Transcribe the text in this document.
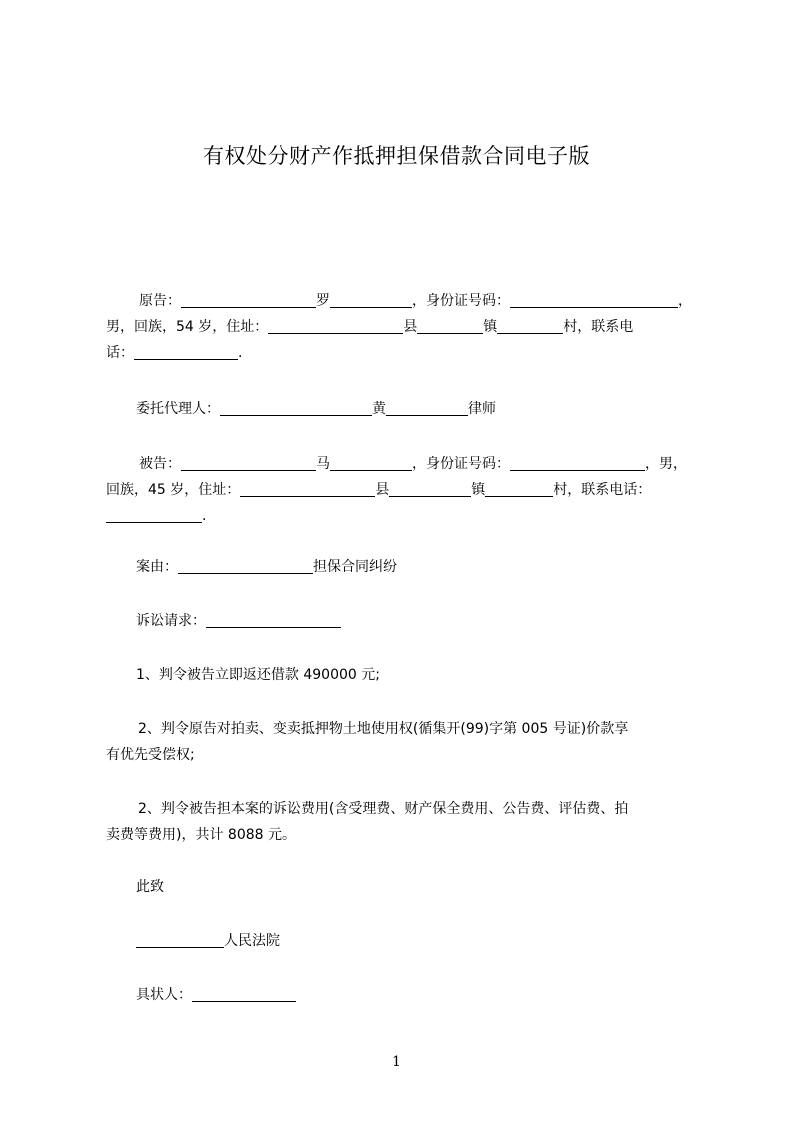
有权处分财产作抵押担保借款合同电子版
原告：	罗	，身份证号码：	，
男，回族，54 岁，住址：	县	镇	村，联系电
话：	.
委托代理人：	黄	律师
被告：	马	，身份证号码：	，男，
回族，45 岁，住址：	县	镇	村，联系电话：
.
案由：	担保合同纠纷
诉讼请求：
1、判令被告立即返还借款 490000 元;
2、判令原告对拍卖、变卖抵押物土地使用权(循集开(99)字第 005 号证)价款享
有优先受偿权;
2、判令被告担本案的诉讼费用(含受理费、财产保全费用、公告费、评估费、拍
卖费等费用)，共计 8088 元。
此致
人民法院
具状人：
1
